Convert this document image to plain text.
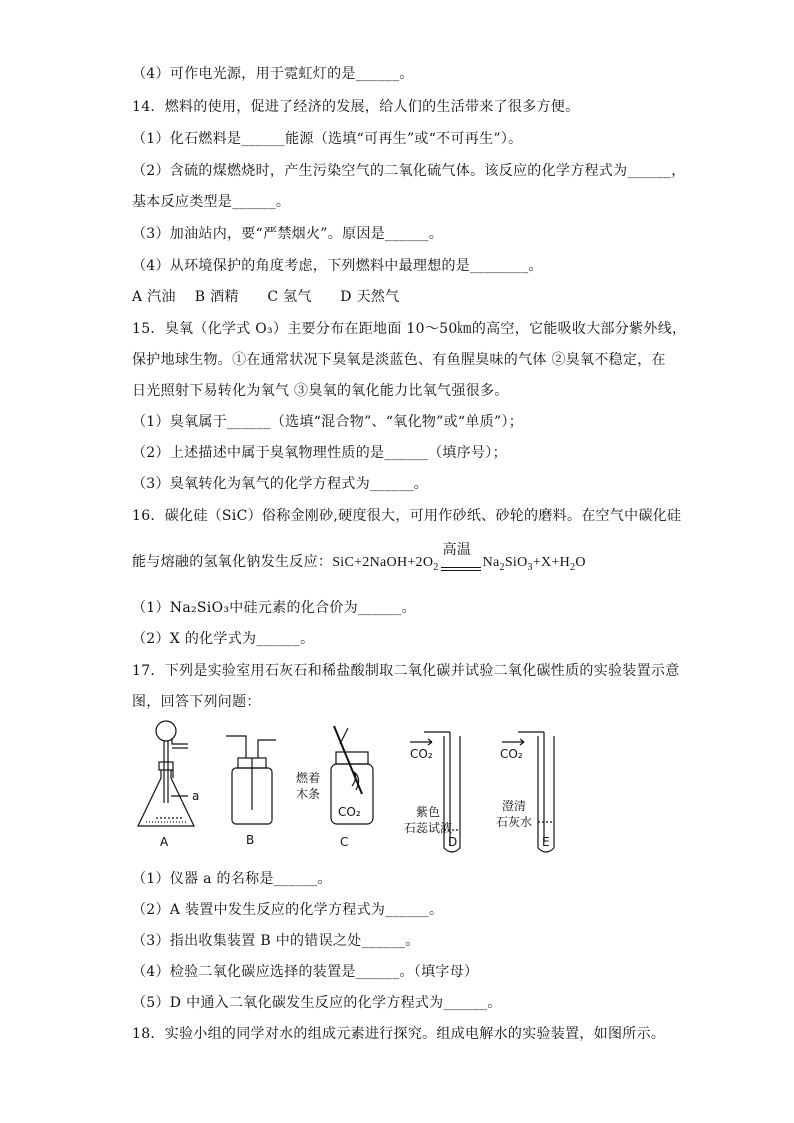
（4）可作电光源，用于霓虹灯的是______。
14．燃料的使用，促进了经济的发展，给人们的生活带来了很多方便。
（1）化石燃料是______能源（选填“可再生”或“不可再生”）。
（2）含硫的煤燃烧时，产生污染空气的二氧化硫气体。该反应的化学方程式为______，
基本反应类型是______。
（3）加油站内，要“严禁烟火”。原因是______。
（4）从环境保护的角度考虑，下列燃料中最理想的是________。
A 汽油　 B 酒精　　C 氢气　　D 天然气
15．臭氧（化学式 O₃）主要分布在距地面 10～50㎞的高空，它能吸收大部分紫外线，
保护地球生物。①在通常状况下臭氧是淡蓝色、有鱼腥臭味的气体 ②臭氧不稳定，在
日光照射下易转化为氧气 ③臭氧的氧化能力比氧气强很多。
（1）臭氧属于______（选填“混合物”、“氧化物”或“单质”）；
（2）上述描述中属于臭氧物理性质的是______（填序号）；
（3）臭氧转化为氧气的化学方程式为______。
16．碳化硅（SiC）俗称金刚砂,硬度很大，可用作砂纸、砂轮的磨料。在空气中碳化硅
能与熔融的氢氧化钠发生反应：$SiC+2NaOH+2O_2$
高温
$Na_2SiO_3+X+H_2O$
（1）Na₂SiO₃中硅元素的化合价为______。
（2）X 的化学式为______。
17．下列是实验室用石灰石和稀盐酸制取二氧化碳并试验二氧化碳性质的实验装置示意
图，回答下列问题：
a
A	B	C
燃着
木条
CO₂
CO₂
紫色
石蕊试液
D
CO₂
澄清
石灰水
E
（1）仪器 a 的名称是______。
（2）A 装置中发生反应的化学方程式为______。
（3）指出收集装置 B 中的错误之处______。
（4）检验二氧化碳应选择的装置是______。（填字母）
（5）D 中通入二氧化碳发生反应的化学方程式为______。
18．实验小组的同学对水的组成元素进行探究。组成电解水的实验装置，如图所示。
